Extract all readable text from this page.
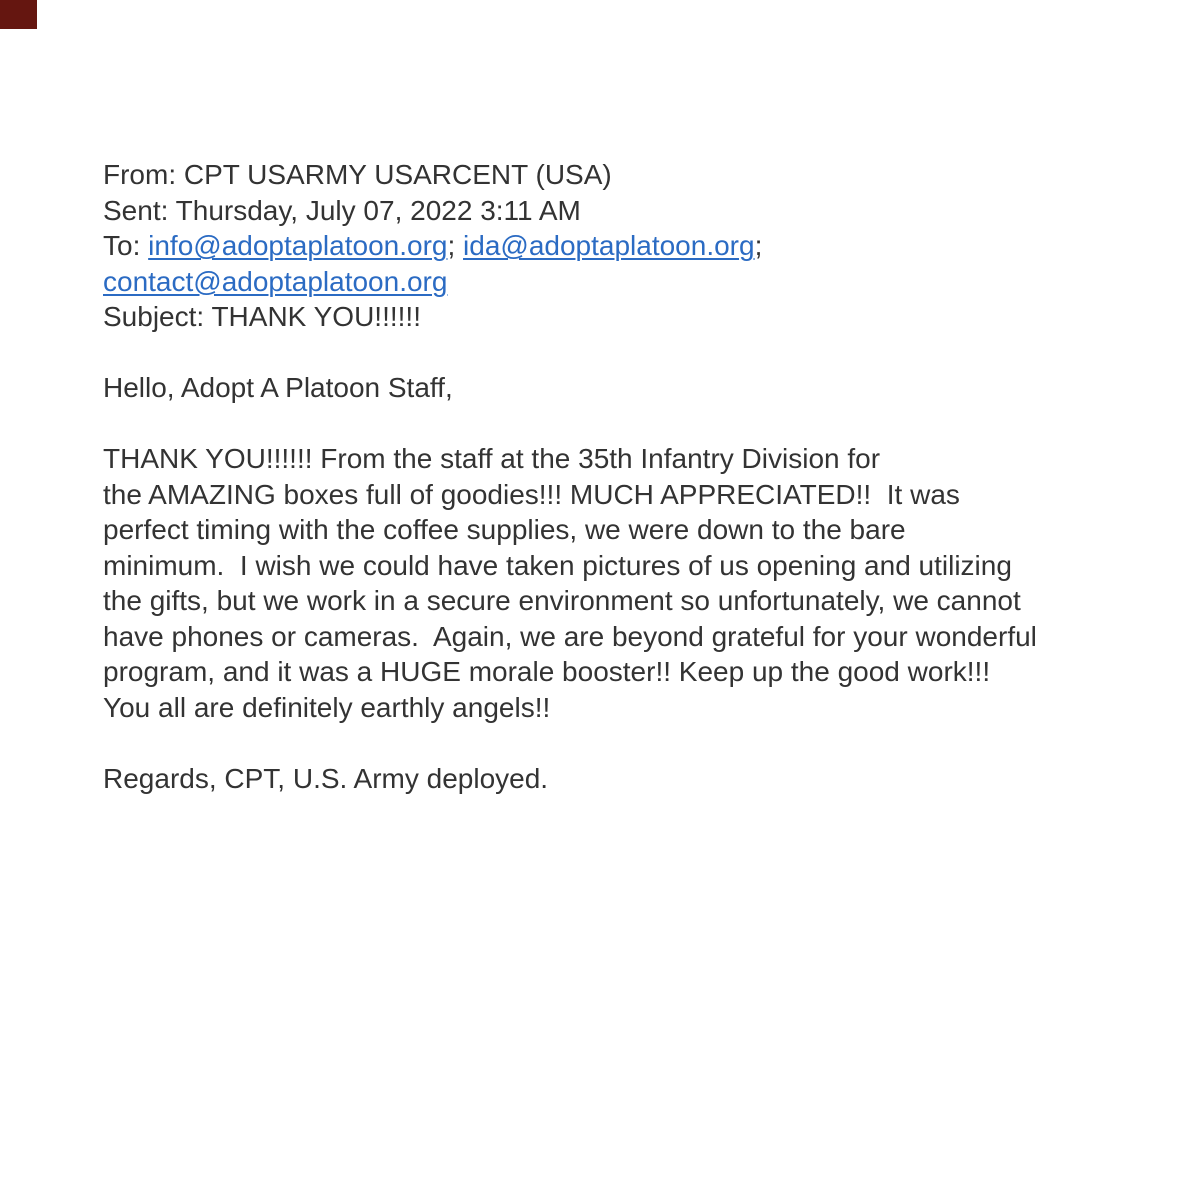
From: CPT USARMY USARCENT (USA)
Sent: Thursday, July 07, 2022 3:11 AM
To: info@adoptaplatoon.org; ida@adoptaplatoon.org;
contact@adoptaplatoon.org
Subject: THANK YOU!!!!!!
Hello, Adopt A Platoon Staff,
THANK YOU!!!!!! From the staff at the 35th Infantry Division for
the AMAZING boxes full of goodies!!! MUCH APPRECIATED!!  It was
perfect timing with the coffee supplies, we were down to the bare
minimum.  I wish we could have taken pictures of us opening and utilizing
the gifts, but we work in a secure environment so unfortunately, we cannot
have phones or cameras.  Again, we are beyond grateful for your wonderful
program, and it was a HUGE morale booster!! Keep up the good work!!!
You all are definitely earthly angels!!
Regards, CPT, U.S. Army deployed.
